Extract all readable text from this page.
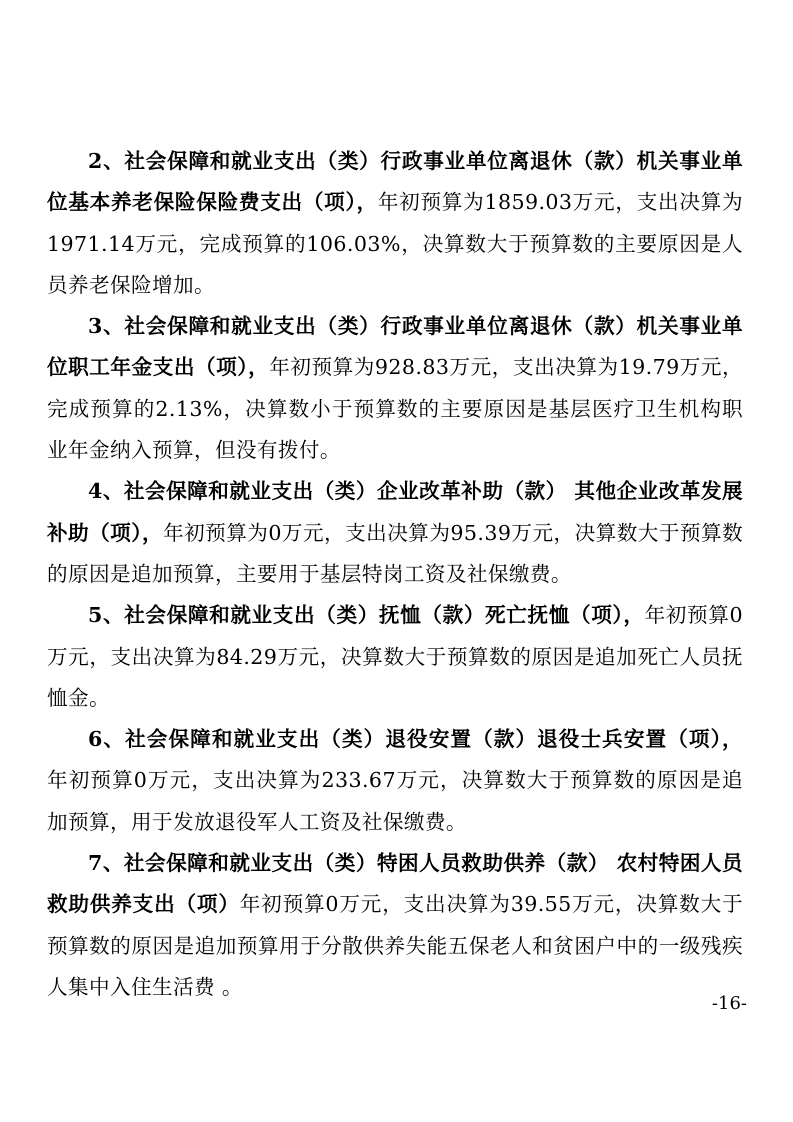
2、社会保障和就业支出（类）行政事业单位离退休（款）机关事业单位基本养老保险保险费支出（项），年初预算为1859.03万元，支出决算为1971.14万元，完成预算的106.03%，决算数大于预算数的主要原因是人员养老保险增加。

3、社会保障和就业支出（类）行政事业单位离退休（款）机关事业单位职工年金支出（项），年初预算为928.83万元，支出决算为19.79万元，完成预算的2.13%，决算数小于预算数的主要原因是基层医疗卫生机构职业年金纳入预算，但没有拨付。

4、社会保障和就业支出（类）企业改革补助（款） 其他企业改革发展补助（项），年初预算为0万元，支出决算为95.39万元，决算数大于预算数的原因是追加预算，主要用于基层特岗工资及社保缴费。

5、社会保障和就业支出（类）抚恤（款）死亡抚恤（项），年初预算0万元，支出决算为84.29万元，决算数大于预算数的原因是追加死亡人员抚恤金。

6、社会保障和就业支出（类）退役安置（款）退役士兵安置（项），年初预算0万元，支出决算为233.67万元，决算数大于预算数的原因是追加预算，用于发放退役军人工资及社保缴费。

7、社会保障和就业支出（类）特困人员救助供养（款） 农村特困人员救助供养支出（项）年初预算0万元，支出决算为39.55万元，决算数大于预算数的原因是追加预算用于分散供养失能五保老人和贫困户中的一级残疾人集中入住生活费 。

-16-
